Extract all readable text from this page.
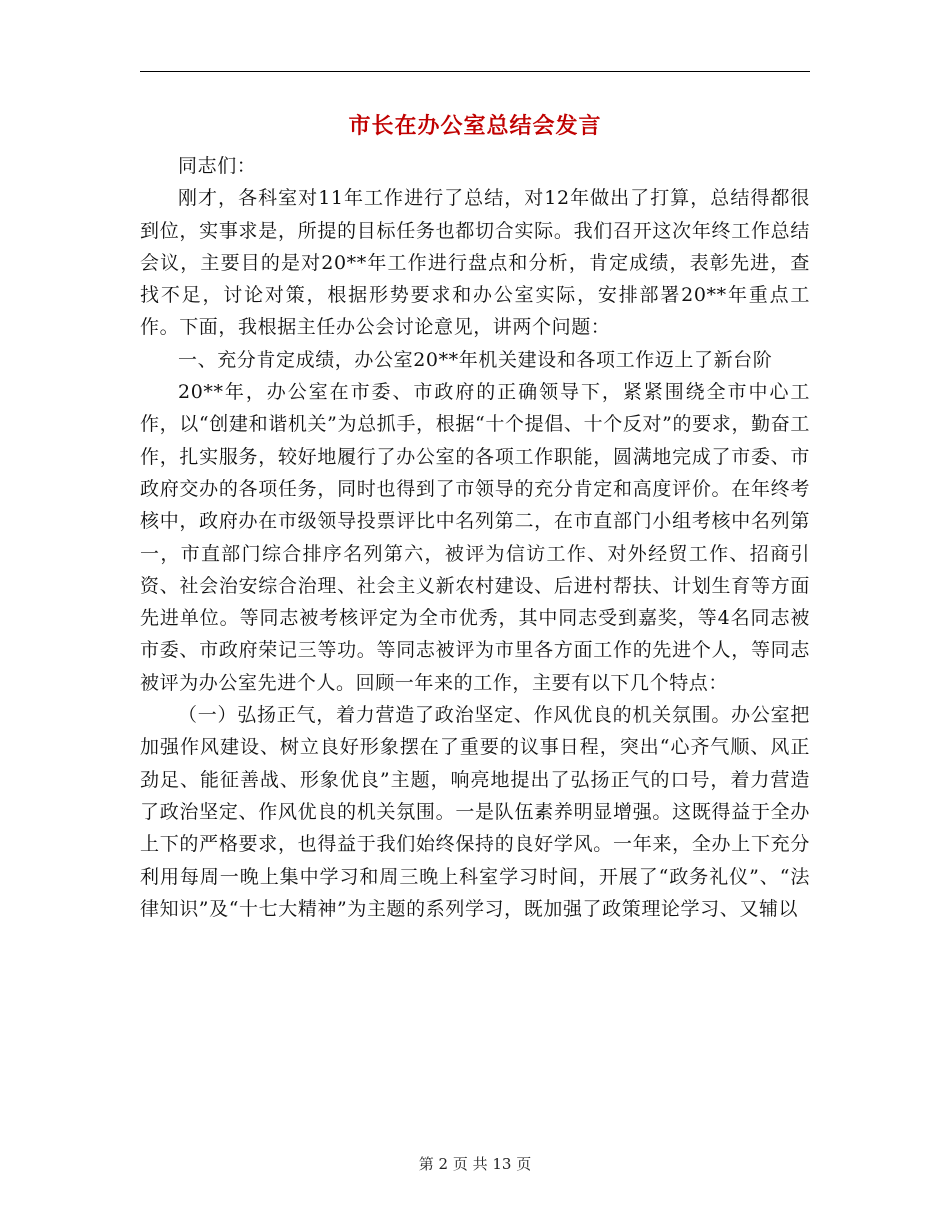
市长在办公室总结会发言

同志们：

刚才，各科室对11年工作进行了总结，对12年做出了打算，总结得都很到位，实事求是，所提的目标任务也都切合实际。我们召开这次年终工作总结会议，主要目的是对20**年工作进行盘点和分析，肯定成绩，表彰先进，查找不足，讨论对策，根据形势要求和办公室实际，安排部署20**年重点工作。下面，我根据主任办公会讨论意见，讲两个问题：

一、充分肯定成绩，办公室20**年机关建设和各项工作迈上了新台阶

20**年，办公室在市委、市政府的正确领导下，紧紧围绕全市中心工作，以“创建和谐机关”为总抓手，根据“十个提倡、十个反对”的要求，勤奋工作，扎实服务，较好地履行了办公室的各项工作职能，圆满地完成了市委、市政府交办的各项任务，同时也得到了市领导的充分肯定和高度评价。在年终考核中，政府办在市级领导投票评比中名列第二，在市直部门小组考核中名列第一，市直部门综合排序名列第六，被评为信访工作、对外经贸工作、招商引资、社会治安综合治理、社会主义新农村建设、后进村帮扶、计划生育等方面先进单位。等同志被考核评定为全市优秀，其中同志受到嘉奖，等4名同志被市委、市政府荣记三等功。等同志被评为市里各方面工作的先进个人，等同志被评为办公室先进个人。回顾一年来的工作，主要有以下几个特点：

（一）弘扬正气，着力营造了政治坚定、作风优良的机关氛围。办公室把加强作风建设、树立良好形象摆在了重要的议事日程，突出“心齐气顺、风正劲足、能征善战、形象优良”主题，响亮地提出了弘扬正气的口号，着力营造了政治坚定、作风优良的机关氛围。一是队伍素养明显增强。这既得益于全办上下的严格要求，也得益于我们始终保持的良好学风。一年来，全办上下充分利用每周一晚上集中学习和周三晚上科室学习时间，开展了“政务礼仪”、“法律知识”及“十七大精神”为主题的系列学习，既加强了政策理论学习、又辅以

第 2 页 共 13 页
